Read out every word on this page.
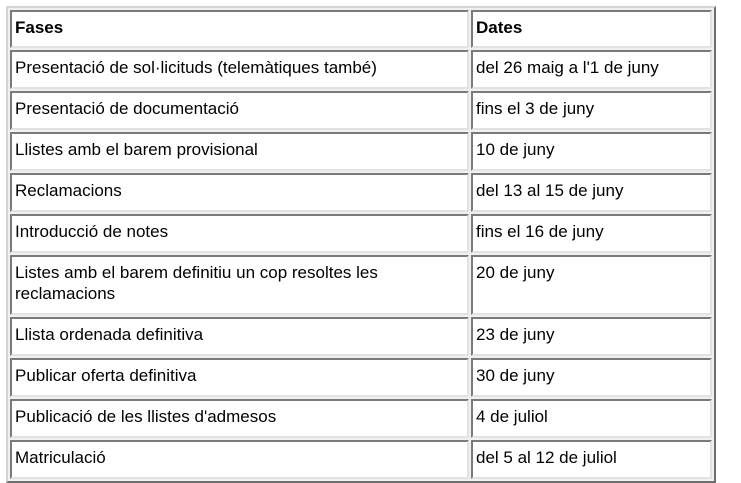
Fases	Dates
Presentació de sol·licituds (telemàtiques també)	del 26 maig a l'1 de juny
Presentació de documentació	fins el 3 de juny
Llistes amb el barem provisional	10 de juny
Reclamacions	del 13 al 15 de juny
Introducció de notes	fins el 16 de juny
Listes amb el barem definitiu un cop resoltes les reclamacions	20 de juny
Llista ordenada definitiva	23 de juny
Publicar oferta definitiva	30 de juny
Publicació de les llistes d'admesos	4 de juliol
Matriculació	del 5 al 12 de juliol
